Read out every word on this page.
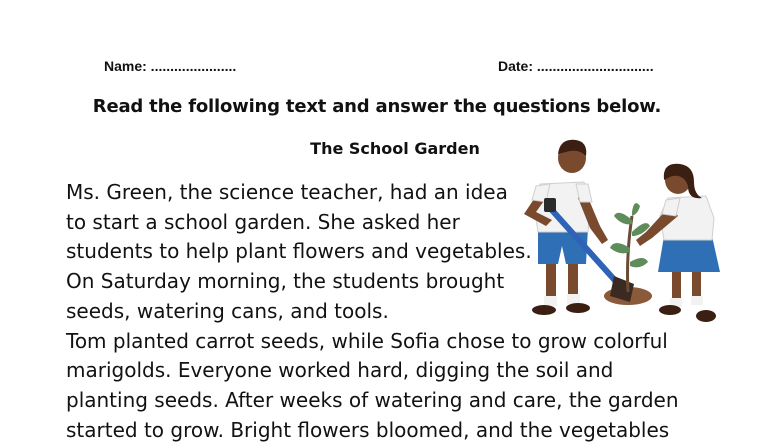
Name: ......................	Date: ..............................
Read the following text and answer the questions below.
The School Garden
Ms. Green, the science teacher, had an idea
to start a school garden. She asked her
students to help plant flowers and vegetables.
On Saturday morning, the students brought
seeds, watering cans, and tools.
Tom planted carrot seeds, while Sofia chose to grow colorful
marigolds. Everyone worked hard, digging the soil and
planting seeds. After weeks of watering and care, the garden
started to grow. Bright flowers bloomed, and the vegetables
